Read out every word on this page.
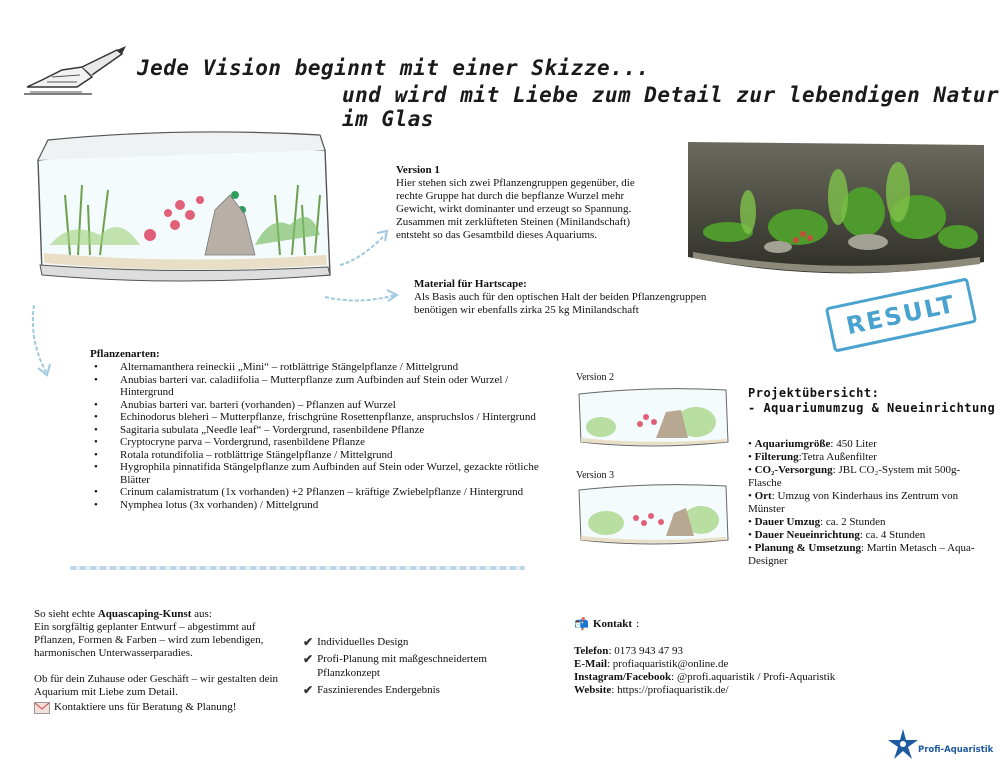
Jede Vision beginnt mit einer Skizze...
und wird mit Liebe zum Detail zur lebendigen Natur im Glas
Version 1
Hier stehen sich zwei Pflanzengruppen gegenüber, die rechte Gruppe hat durch die bepflanze Wurzel mehr Gewicht, wirkt dominanter und erzeugt so Spannung. Zusammen mit zerklüfteten Steinen (Minilandschaft) entsteht so das Gesamtbild dieses Aquariums.
Material für Hartscape:
Als Basis auch für den optischen Halt der beiden Pflanzengruppen benötigen wir ebenfalls zirka 25 kg Minilandschaft	RESULT
Pflanzenarten:
• Alternamanthera reineckii „Mini“ – rotblättrige Stängelpflanze / Mittelgrund
• Anubias barteri var. caladiifolia – Mutterpflanze zum Aufbinden auf Stein oder Wurzel / Hintergrund
• Anubias barteri var. barteri (vorhanden) – Pflanzen auf Wurzel
• Echinodorus bleheri – Mutterpflanze, frischgrüne Rosettenpflanze, anspruchslos / Hintergrund
• Sagitaria subulata „Needle leaf“ – Vordergrund, rasenbildene Pflanze
• Cryptocryne parva – Vordergrund, rasenbildene Pflanze
• Rotala rotundifolia – rotblättrige Stängelpflanze / Mittelgrund
• Hygrophila pinnatifida Stängelpflanze zum Aufbinden auf Stein oder Wurzel, gezackte rötliche Blätter
• Crinum calamistratum (1x vorhanden) +2 Pflanzen – kräftige Zwiebelpflanze / Hintergrund
• Nymphea lotus (3x vorhanden) / Mittelgrund
Version 2
Version 3
Projektübersicht:
- Aquariumumzug & Neueinrichtung
• Aquariumgröße: 450 Liter
• Filterung:Tetra Außenfilter
• CO₂-Versorgung: JBL CO₂-System mit 500g-Flasche
• Ort: Umzug von Kinderhaus ins Zentrum von Münster
• Dauer Umzug: ca. 2 Stunden
• Dauer Neueinrichtung: ca. 4 Stunden
• Planung & Umsetzung: Martin Metasch – Aqua-Designer
So sieht echte Aquascaping-Kunst aus:
Ein sorgfältig geplanter Entwurf – abgestimmt auf Pflanzen, Formen & Farben – wird zum lebendigen, harmonischen Unterwasserparadies.
Ob für dein Zuhause oder Geschäft – wir gestalten dein Aquarium mit Liebe zum Detail.
Kontaktiere uns für Beratung & Planung!
✔ Individuelles Design
✔ Profi-Planung mit maßgeschneidertem Pflanzkonzept
✔ Faszinierendes Endergebnis
📬 Kontakt :
Telefon: 0173 943 47 93
E-Mail: profiaquaristik@online.de
Instagram/Facebook: @profi.aquaristik / Profi-Aquaristik
Website: https://profiaquaristik.de/
Profi-Aquaristik
